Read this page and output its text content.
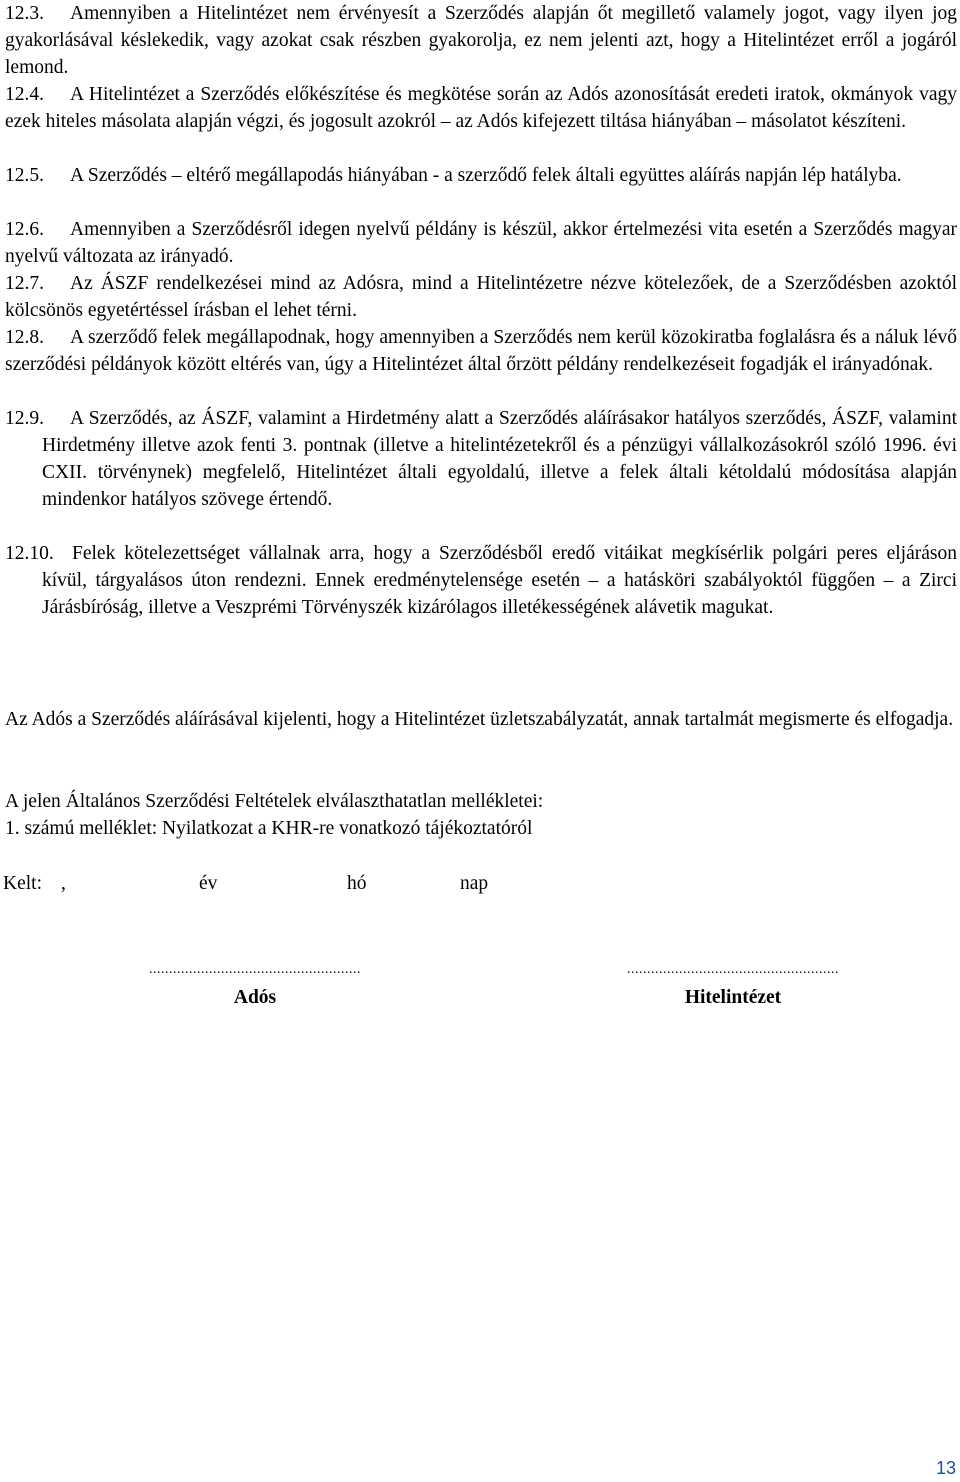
12.3.	Amennyiben a Hitelintézet nem érvényesít a Szerződés alapján őt megillető valamely jogot, vagy ilyen jog gyakorlásával késlekedik, vagy azokat csak részben gyakorolja, ez nem jelenti azt, hogy a Hitelintézet erről a jogáról lemond.
12.4.	A Hitelintézet a Szerződés előkészítése és megkötése során az Adós azonosítását eredeti iratok, okmányok vagy ezek hiteles másolata alapján végzi, és jogosult azokról – az Adós kifejezett tiltása hiányában – másolatot készíteni.
12.5.	A Szerződés – eltérő megállapodás hiányában - a szerződő felek általi együttes aláírás napján lép hatályba.
12.6.	Amennyiben a Szerződésről idegen nyelvű példány is készül, akkor értelmezési vita esetén a Szerződés magyar nyelvű változata az irányadó.
12.7.	Az ÁSZF rendelkezései mind az Adósra, mind a Hitelintézetre nézve kötelezőek, de a Szerződésben azoktól kölcsönös egyetértéssel írásban el lehet térni.
12.8.	A szerződő felek megállapodnak, hogy amennyiben a Szerződés nem kerül közokiratba foglalásra és a náluk lévő szerződési példányok között eltérés van, úgy a Hitelintézet által őrzött példány rendelkezéseit fogadják el irányadónak.
12.9.	A Szerződés, az ÁSZF, valamint a Hirdetmény alatt a Szerződés aláírásakor hatályos szerződés, ÁSZF, valamint Hirdetmény illetve azok fenti 3. pontnak (illetve a hitelintézetekről és a pénzügyi vállalkozásokról szóló 1996. évi CXII. törvénynek) megfelelő, Hitelintézet általi egyoldalú, illetve a felek általi kétoldalú módosítása alapján mindenkor hatályos szövege értendő.
12.10. Felek kötelezettséget vállalnak arra, hogy a Szerződésből eredő vitáikat megkísérlik polgári peres eljáráson kívül, tárgyalásos úton rendezni. Ennek eredménytelensége esetén – a hatásköri szabályoktól függően – a Zirci Járásbíróság, illetve a Veszprémi Törvényszék kizárólagos illetékességének alávetik magukat.
Az Adós a Szerződés aláírásával kijelenti, hogy a Hitelintézet üzletszabályzatát, annak tartalmát megismerte és elfogadja.
A jelen Általános Szerződési Feltételek elválaszthatatlan mellékletei:
1. számú melléklet: Nyilatkozat a KHR-re vonatkozó tájékoztatóról
Kelt: ,	év	hó	nap
.....................................................
Adós
.....................................................
Hitelintézet
13
